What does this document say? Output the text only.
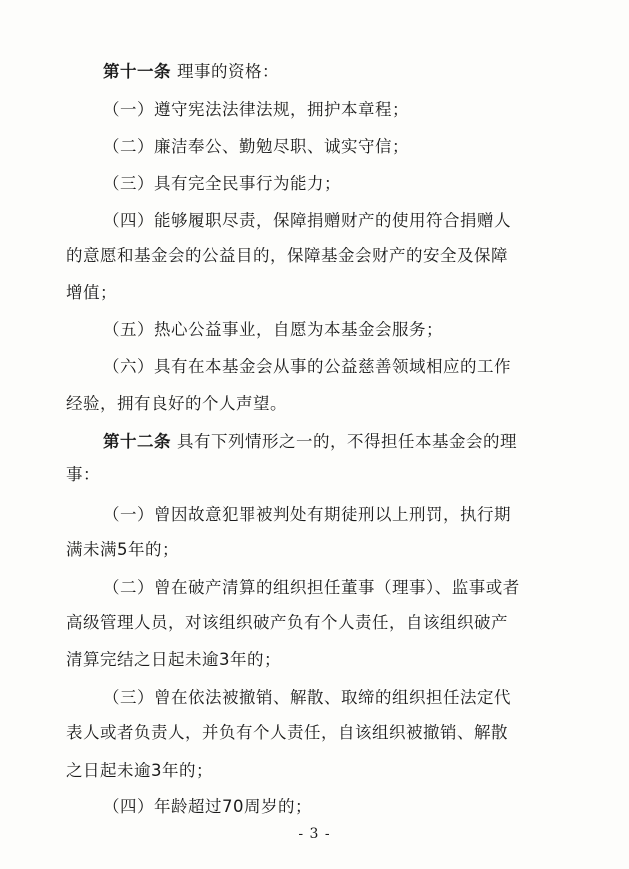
第十一条 理事的资格：
（一）遵守宪法法律法规，拥护本章程；
（二）廉洁奉公、勤勉尽职、诚实守信；
（三）具有完全民事行为能力；
（四）能够履职尽责，保障捐赠财产的使用符合捐赠人
的意愿和基金会的公益目的，保障基金会财产的安全及保障
增值；
（五）热心公益事业，自愿为本基金会服务；
（六）具有在本基金会从事的公益慈善领域相应的工作
经验，拥有良好的个人声望。
第十二条 具有下列情形之一的，不得担任本基金会的理
事：
（一）曾因故意犯罪被判处有期徒刑以上刑罚，执行期
满未满5年的；
（二）曾在破产清算的组织担任董事（理事）、监事或者
高级管理人员，对该组织破产负有个人责任，自该组织破产
清算完结之日起未逾3年的；
（三）曾在依法被撤销、解散、取缔的组织担任法定代
表人或者负责人，并负有个人责任，自该组织被撤销、解散
之日起未逾3年的；
（四）年龄超过70周岁的；
- 3 -
